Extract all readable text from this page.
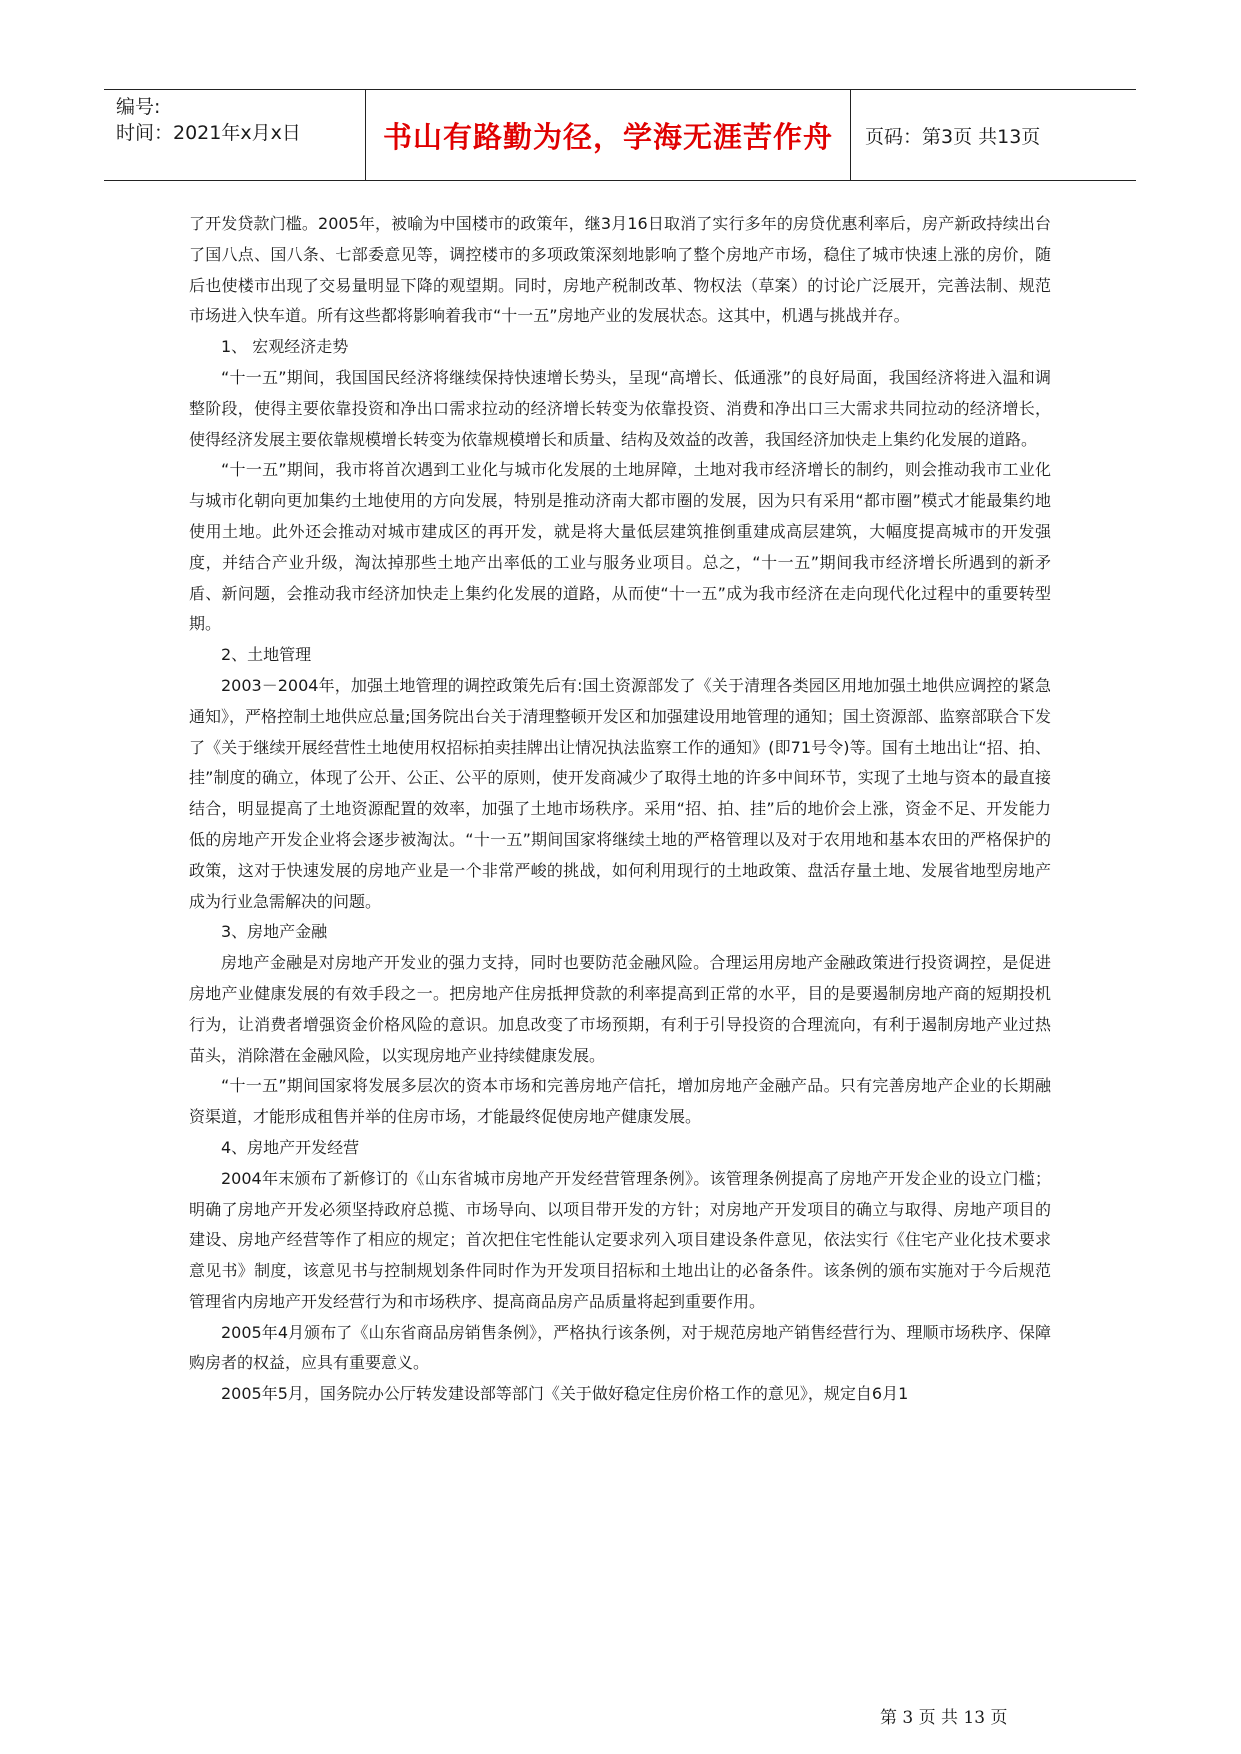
编号:
时间：2021年x月x日	书山有路勤为径，学海无涯苦作舟 页码：第3页 共13页

了开发贷款门槛。2005年，被喻为中国楼市的政策年，继3月16日取消了实行多年的房贷优惠利率后，房产新政持续出台了国八点、国八条、七部委意见等，调控楼市的多项政策深刻地影响了整个房地产市场，稳住了城市快速上涨的房价，随后也使楼市出现了交易量明显下降的观望期。同时，房地产税制改革、物权法（草案）的讨论广泛展开，完善法制、规范市场进入快车道。所有这些都将影响着我市“十一五”房地产业的发展状态。这其中，机遇与挑战并存。

1、 宏观经济走势

“十一五”期间，我国国民经济将继续保持快速增长势头，呈现“高增长、低通涨”的良好局面，我国经济将进入温和调整阶段，使得主要依靠投资和净出口需求拉动的经济增长转变为依靠投资、消费和净出口三大需求共同拉动的经济增长，使得经济发展主要依靠规模增长转变为依靠规模增长和质量、结构及效益的改善，我国经济加快走上集约化发展的道路。

“十一五”期间，我市将首次遇到工业化与城市化发展的土地屏障，土地对我市经济增长的制约，则会推动我市工业化与城市化朝向更加集约土地使用的方向发展，特别是推动济南大都市圈的发展，因为只有采用“都市圈”模式才能最集约地使用土地。此外还会推动对城市建成区的再开发，就是将大量低层建筑推倒重建成高层建筑，大幅度提高城市的开发强度，并结合产业升级，淘汰掉那些土地产出率低的工业与服务业项目。总之，“十一五”期间我市经济增长所遇到的新矛盾、新问题，会推动我市经济加快走上集约化发展的道路，从而使“十一五”成为我市经济在走向现代化过程中的重要转型期。

2、土地管理

2003－2004年，加强土地管理的调控政策先后有:国土资源部发了《关于清理各类园区用地加强土地供应调控的紧急通知》，严格控制土地供应总量;国务院出台关于清理整顿开发区和加强建设用地管理的通知；国土资源部、监察部联合下发了《关于继续开展经营性土地使用权招标拍卖挂牌出让情况执法监察工作的通知》(即71号令)等。国有土地出让“招、拍、挂”制度的确立，体现了公开、公正、公平的原则，使开发商减少了取得土地的许多中间环节，实现了土地与资本的最直接结合，明显提高了土地资源配置的效率，加强了土地市场秩序。采用“招、拍、挂”后的地价会上涨，资金不足、开发能力低的房地产开发企业将会逐步被淘汰。“十一五”期间国家将继续土地的严格管理以及对于农用地和基本农田的严格保护的政策，这对于快速发展的房地产业是一个非常严峻的挑战，如何利用现行的土地政策、盘活存量土地、发展省地型房地产成为行业急需解决的问题。

3、房地产金融

房地产金融是对房地产开发业的强力支持，同时也要防范金融风险。合理运用房地产金融政策进行投资调控，是促进房地产业健康发展的有效手段之一。把房地产住房抵押贷款的利率提高到正常的水平，目的是要遏制房地产商的短期投机行为，让消费者增强资金价格风险的意识。加息改变了市场预期，有利于引导投资的合理流向，有利于遏制房地产业过热苗头，消除潜在金融风险，以实现房地产业持续健康发展。

“十一五”期间国家将发展多层次的资本市场和完善房地产信托，增加房地产金融产品。只有完善房地产企业的长期融资渠道，才能形成租售并举的住房市场，才能最终促使房地产健康发展。

4、房地产开发经营

2004年末颁布了新修订的《山东省城市房地产开发经营管理条例》。该管理条例提高了房地产开发企业的设立门槛；明确了房地产开发必须坚持政府总揽、市场导向、以项目带开发的方针；对房地产开发项目的确立与取得、房地产项目的建设、房地产经营等作了相应的规定；首次把住宅性能认定要求列入项目建设条件意见，依法实行《住宅产业化技术要求意见书》制度，该意见书与控制规划条件同时作为开发项目招标和土地出让的必备条件。该条例的颁布实施对于今后规范管理省内房地产开发经营行为和市场秩序、提高商品房产品质量将起到重要作用。

2005年4月颁布了《山东省商品房销售条例》，严格执行该条例，对于规范房地产销售经营行为、理顺市场秩序、保障购房者的权益，应具有重要意义。

2005年5月，国务院办公厅转发建设部等部门《关于做好稳定住房价格工作的意见》，规定自6月1

第 3 页 共 13 页
